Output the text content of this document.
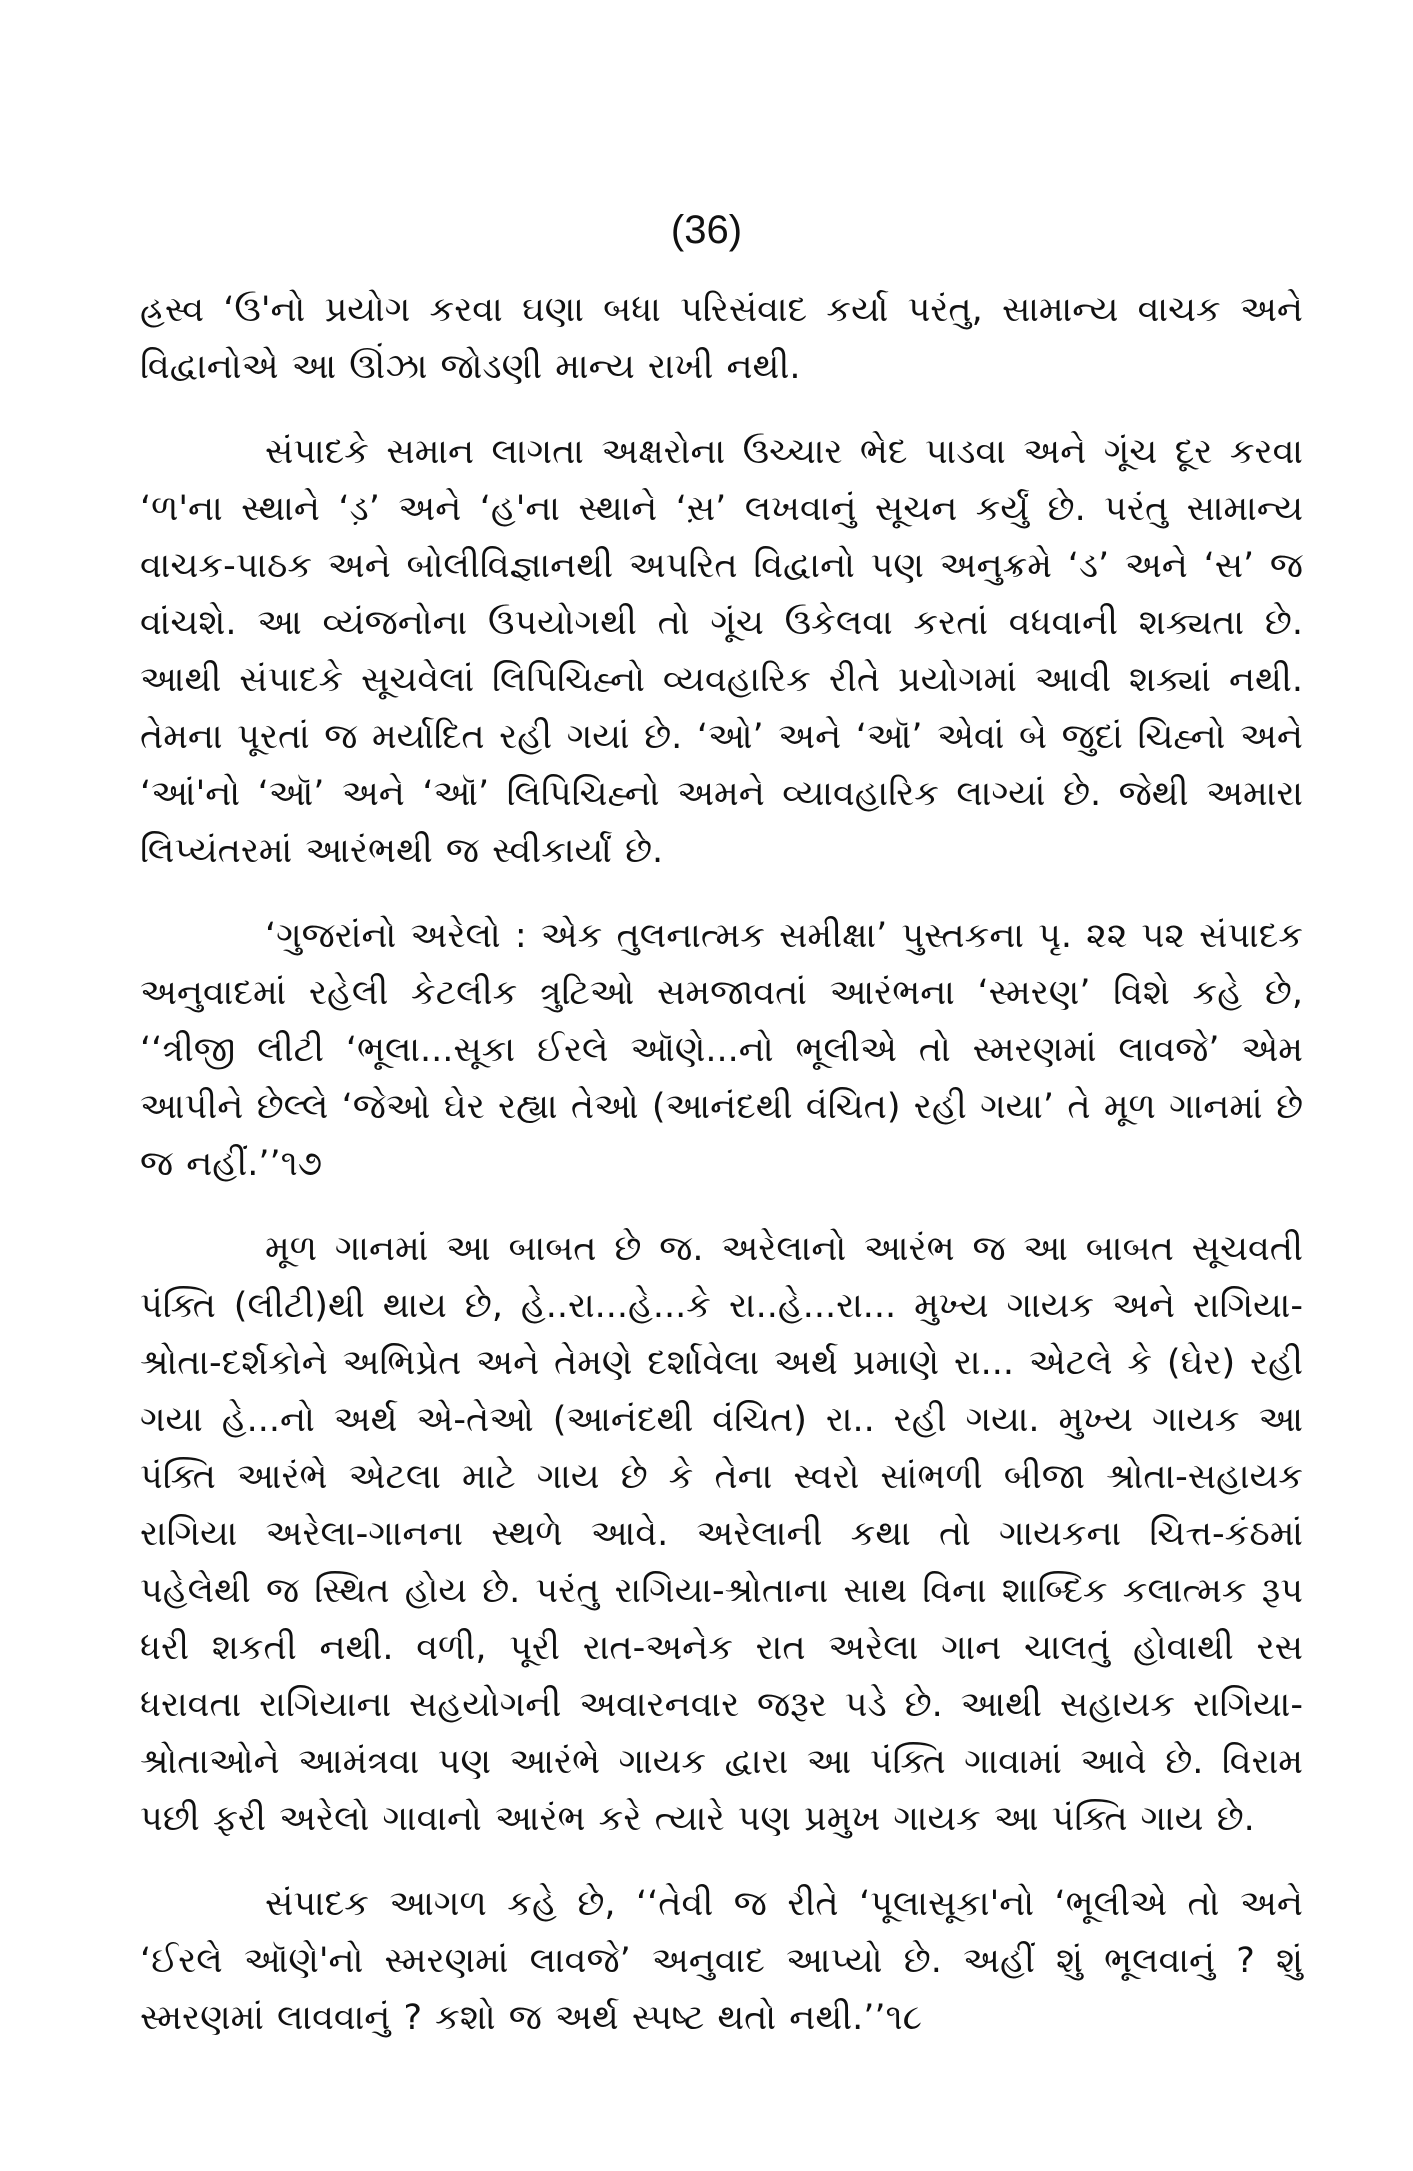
(36)

હ્રસ્વ ‘ઉ'નો પ્રયોગ કરવા ઘણા બધા પરિસંવાદ કર્યા પરંતુ, સામાન્ય વાચક અને વિદ્વાનોએ આ ઊંઝા જોડણી માન્ય રાખી નથી.

સંપાદકે સમાન લાગતા અક્ષરોના ઉચ્ચાર ભેદ પાડવા અને ગૂંચ દૂર કરવા ‘ળ'ના સ્થાને ‘ડ઼’ અને ‘હ'ના સ્થાને ‘સ઼’ લખવાનું સૂચન કર્યું છે. પરંતુ સામાન્ય વાચક-પાઠક અને બોલીવિજ્ઞાનથી અપરિત વિદ્વાનો પણ અનુક્રમે ‘ડ’ અને ‘સ’ જ વાંચશે. આ વ્યંજનોના ઉપયોગથી તો ગૂંચ ઉકેલવા કરતાં વધવાની શક્યતા છે. આથી સંપાદકે સૂચવેલાં લિપિચિહ્નો વ્યવહારિક રીતે પ્રયોગમાં આવી શક્યાં નથી. તેમના પૂરતાં જ મર્યાદિત રહી ગયાં છે. ‘ઓ’ અને ‘ઑ’ એવાં બે જુદાં ચિહ્નો અને ‘આં'નો ‘ઑ’ અને ‘ઑ’ લિપિચિહ્નો અમને વ્યાવહારિક લાગ્યાં છે. જેથી અમારા લિપ્યંતરમાં આરંભથી જ સ્વીકાર્યાં છે.

‘ગુજરાંનો અરેલો : એક તુલનાત્મક સમીક્ષા’ પુસ્તકના પૃ. ૨૨ ૫૨ સંપાદક અનુવાદમાં રહેલી કેટલીક ત્રુટિઓ સમજાવતાં આરંભના ‘સ્મરણ’ વિશે કહે છે, ‘‘ત્રીજી લીટી ‘ભૂલા...સૂકા ઈરલે ઑણે...નો ભૂલીએ તો સ્મરણમાં લાવજે’ એમ આપીને છેલ્લે ‘જેઓ ઘેર રહ્યા તેઓ (આનંદથી વંચિત) રહી ગયા’ તે મૂળ ગાનમાં છે જ નહીં.’’૧૭

મૂળ ગાનમાં આ બાબત છે જ. અરેલાનો આરંભ જ આ બાબત સૂચવતી પંક્તિ (લીટી)થી થાય છે, હે..રા...હે...કે રા..હે...રા... મુખ્ય ગાયક અને રાગિયા-શ્રોતા-દર્શકોને અભિપ્રેત અને તેમણે દર્શાવેલા અર્થ પ્રમાણે રા... એટલે કે (ઘેર) રહી ગયા હે...નો અર્થ એ-તેઓ (આનંદથી વંચિત) રા.. રહી ગયા. મુખ્ય ગાયક આ પંક્તિ આરંભે એટલા માટે ગાય છે કે તેના સ્વરો સાંભળી બીજા શ્રોતા-સહાયક રાગિયા અરેલા-ગાનના સ્થળે આવે. અરેલાની કથા તો ગાયકના ચિત્ત-કંઠમાં પહેલેથી જ સ્થિત હોય છે. પરંતુ રાગિયા-શ્રોતાના સાથ વિના શાબ્દિક કલાત્મક રૂપ ધરી શકતી નથી. વળી, પૂરી રાત-અનેક રાત અરેલા ગાન ચાલતું હોવાથી રસ ધરાવતા રાગિયાના સહયોગની અવારનવાર જરૂર પડે છે. આથી સહાયક રાગિયા-શ્રોતાઓને આમંત્રવા પણ આરંભે ગાયક દ્વારા આ પંક્તિ ગાવામાં આવે છે. વિરામ પછી ફરી અરેલો ગાવાનો આરંભ કરે ત્યારે પણ પ્રમુખ ગાયક આ પંક્તિ ગાય છે.

સંપાદક આગળ કહે છે, ‘‘તેવી જ રીતે ‘પૂલાસૂકા'નો ‘ભૂલીએ તો અને ‘ઈરલે ઑણે'નો સ્મરણમાં લાવજે’ અનુવાદ આપ્યો છે. અહીં શું ભૂલવાનું ? શું સ્મરણમાં લાવવાનું ? કશો જ અર્થ સ્પષ્ટ થતો નથી.’’૧૮
